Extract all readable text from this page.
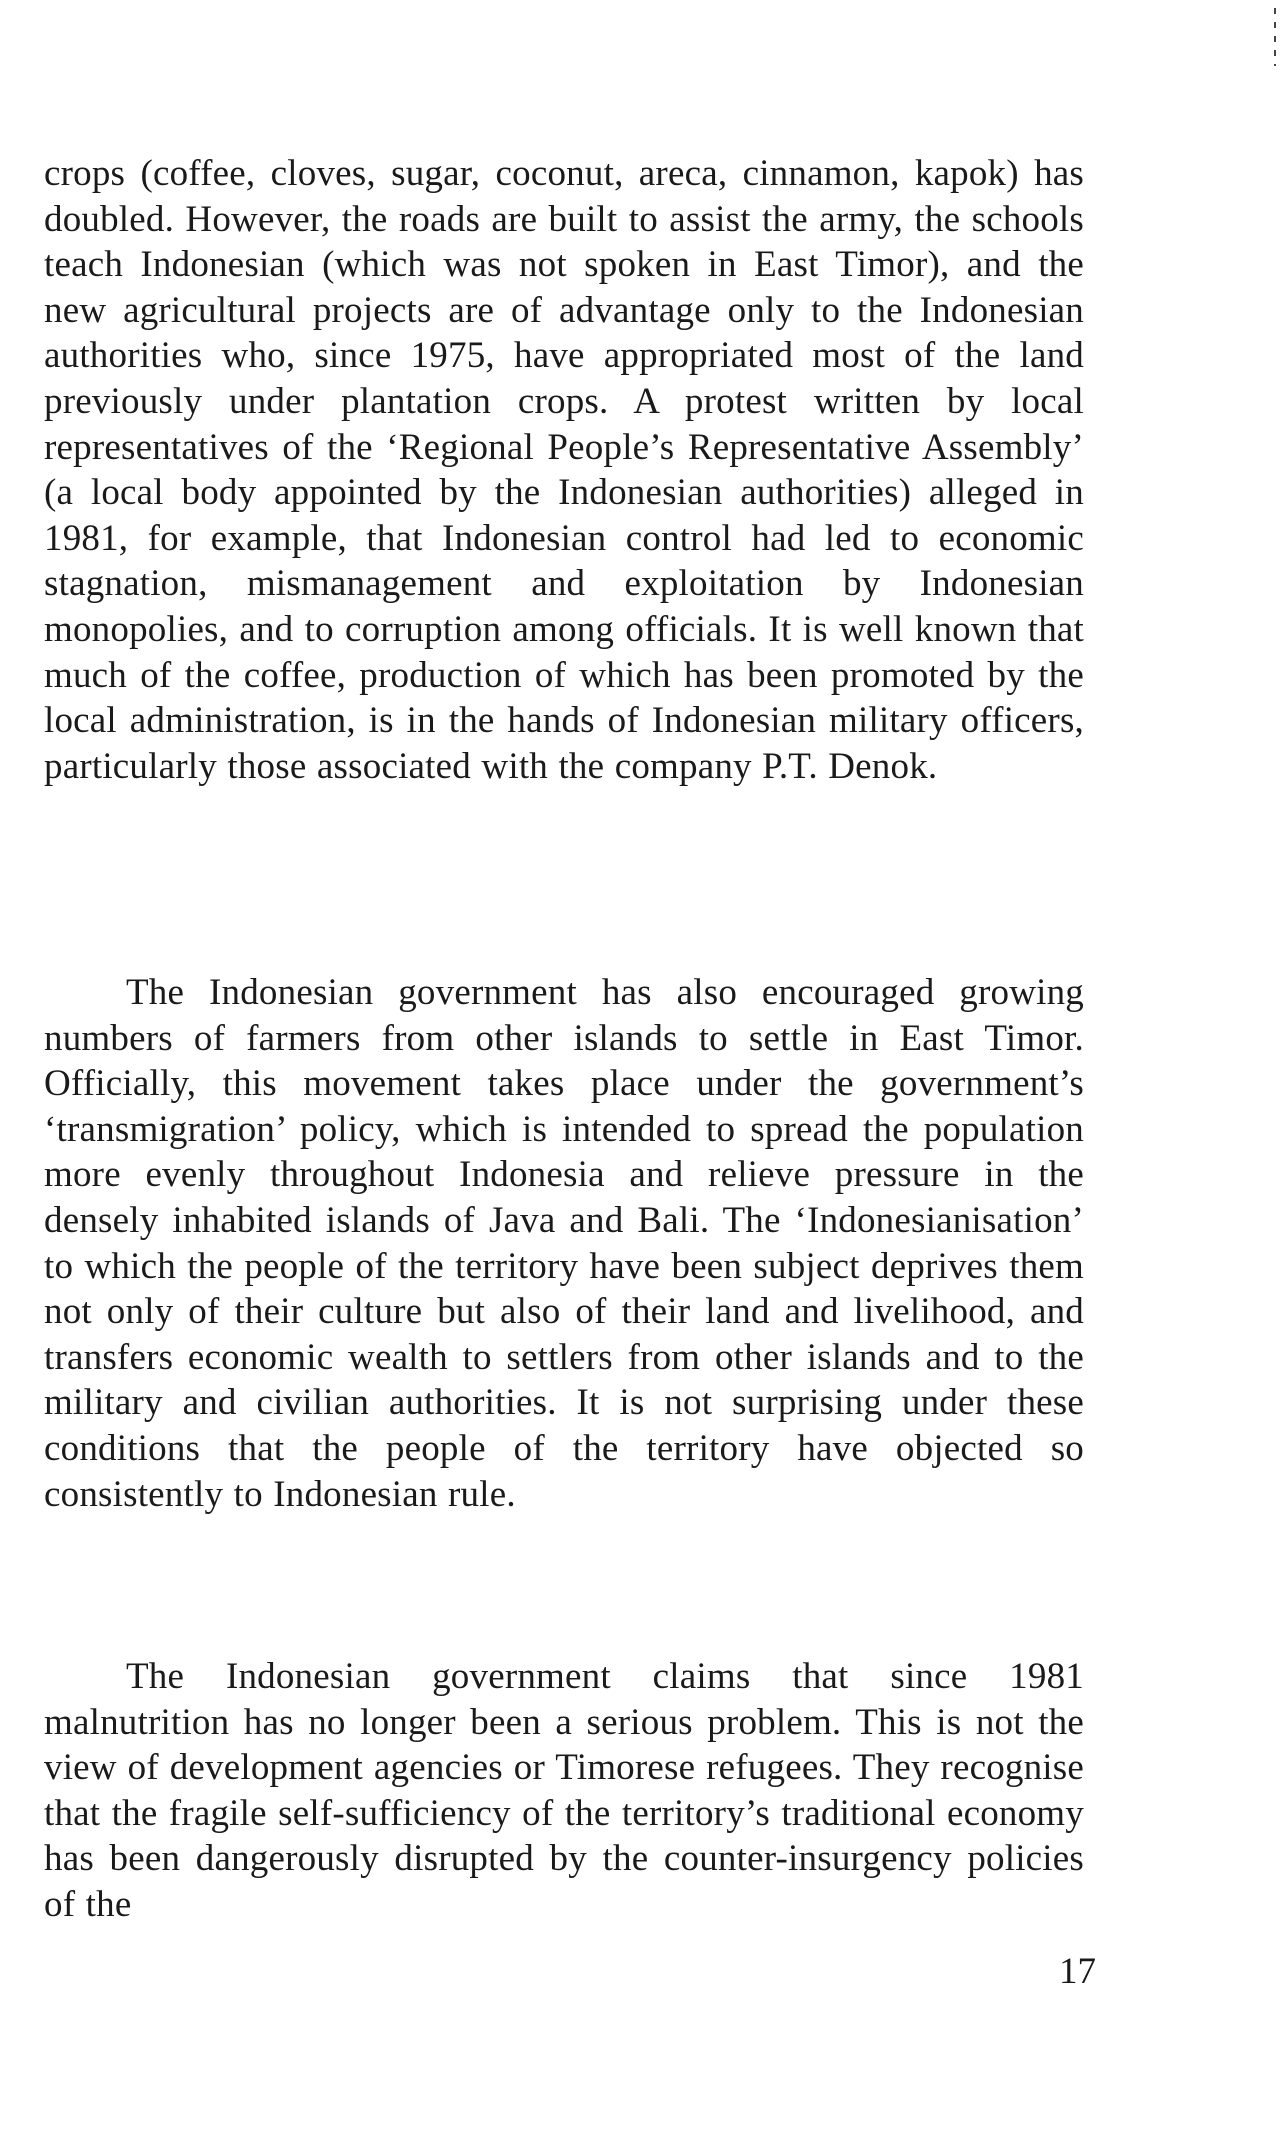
crops (coffee, cloves, sugar, coconut, areca, cinnamon, kapok) has doubled. However, the roads are built to assist the army, the schools teach Indonesian (which was not spoken in East Timor), and the new agricultural projects are of advantage only to the Indonesian authorities who, since 1975, have appropriated most of the land previously under plantation crops. A protest written by local representatives of the ‘Regional People’s Representative Assembly’ (a local body appointed by the Indonesian authorities) alleged in 1981, for example, that Indonesian control had led to economic stagnation, mismanagement and exploitation by Indonesian monopolies, and to corruption among officials. It is well known that much of the coffee, production of which has been promoted by the local administration, is in the hands of Indonesian military officers, particularly those associated with the company P.T. Denok.

The Indonesian government has also encouraged growing numbers of farmers from other islands to settle in East Timor. Officially, this movement takes place under the government’s ‘transmigration’ policy, which is intended to spread the population more evenly throughout Indonesia and relieve pressure in the densely inhabited islands of Java and Bali. The ‘Indonesianisation’ to which the people of the territory have been subject deprives them not only of their culture but also of their land and livelihood, and transfers economic wealth to settlers from other islands and to the military and civilian authorities. It is not surprising under these conditions that the people of the territory have objected so consistently to Indonesian rule.

The Indonesian government claims that since 1981 malnutrition has no longer been a serious problem. This is not the view of development agencies or Timorese refugees. They recognise that the fragile self-sufficiency of the territory’s traditional economy has been dangerously disrupted by the counter-insurgency policies of the

17
